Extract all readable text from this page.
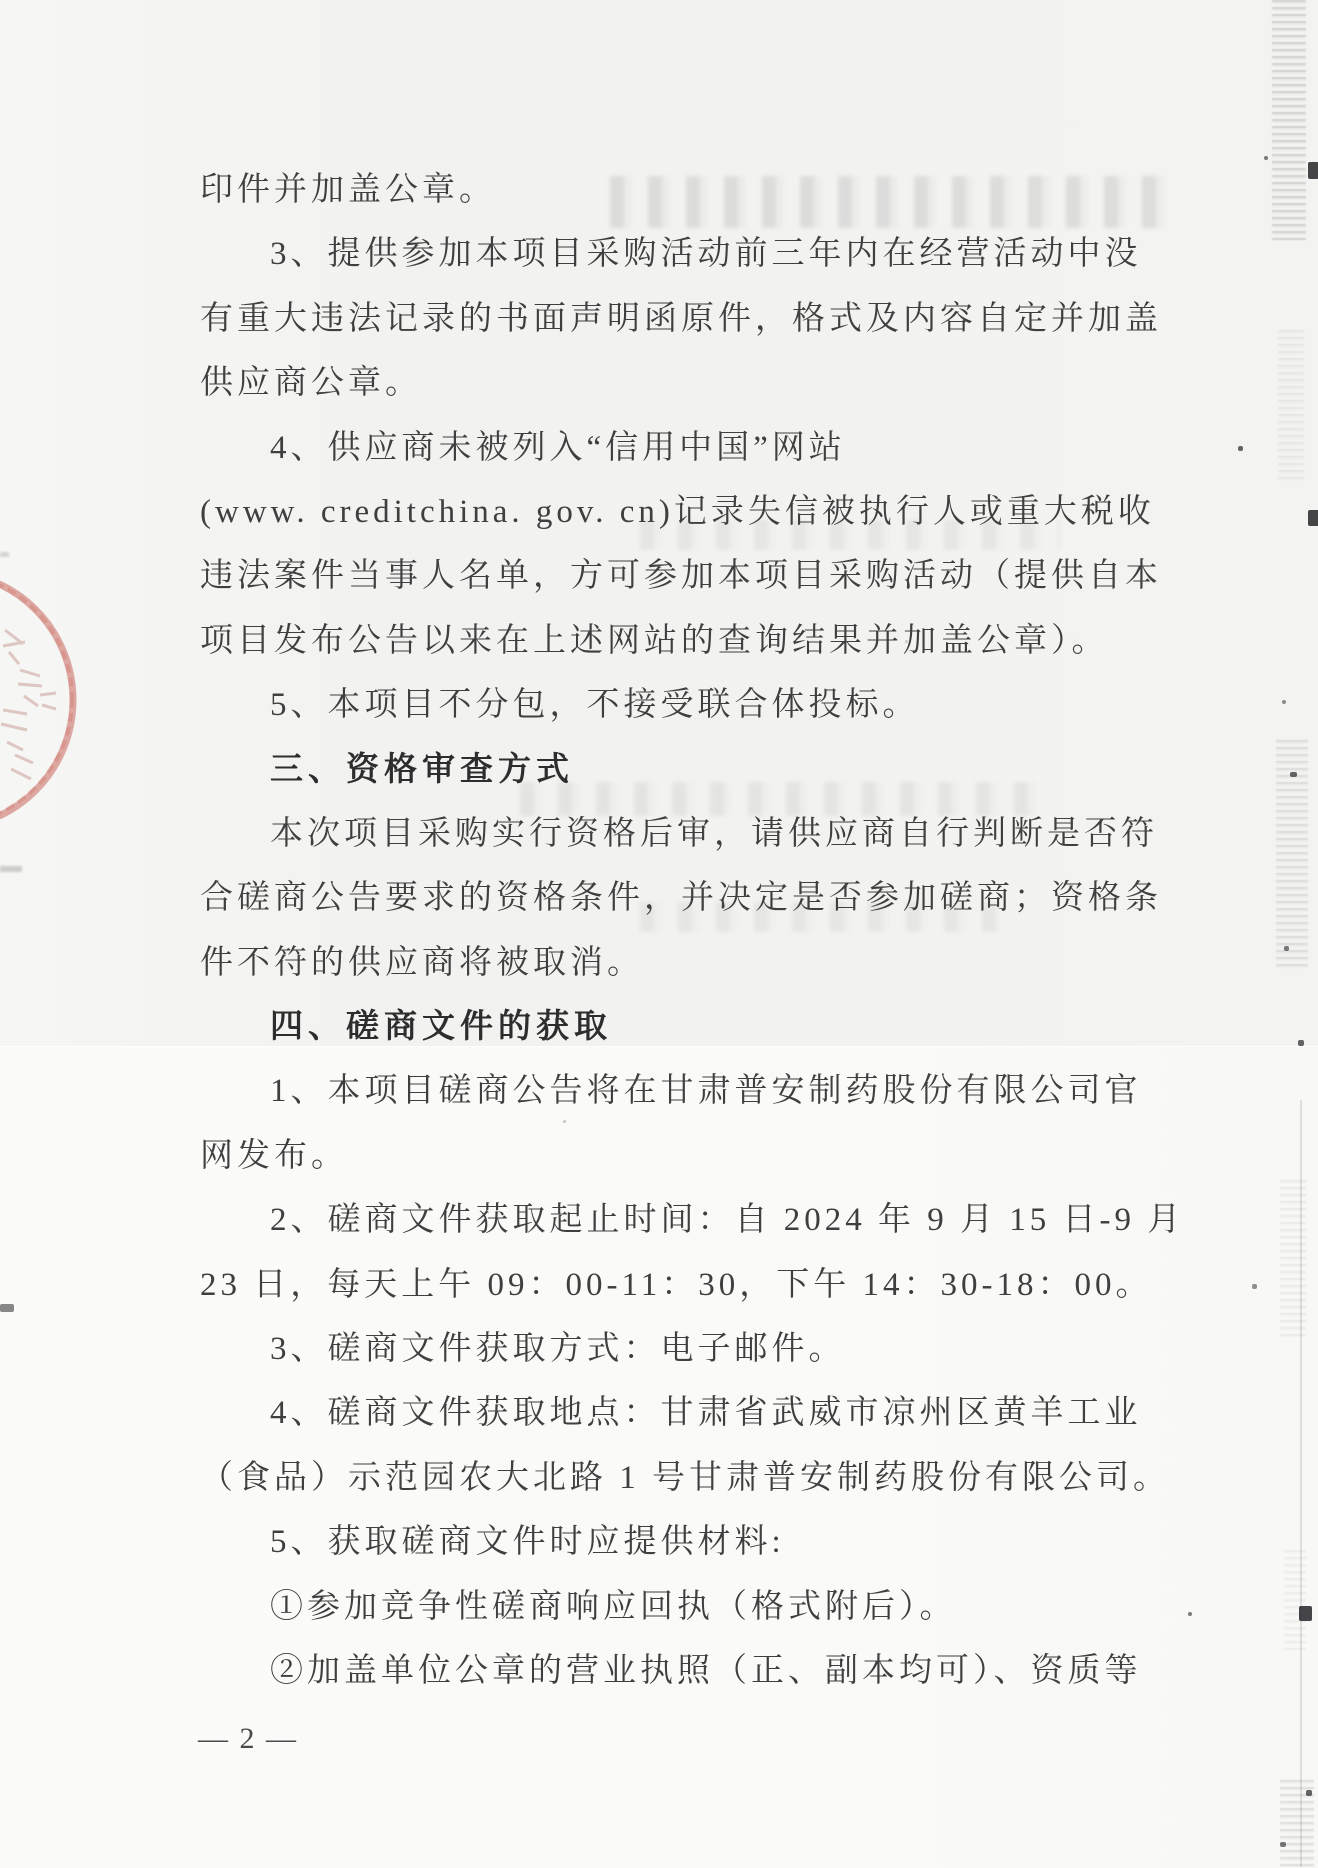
印件并加盖公章。
3、提供参加本项目采购活动前三年内在经营活动中没
有重大违法记录的书面声明函原件，格式及内容自定并加盖
供应商公章。
4、供应商未被列入“信用中国”网站
(www. creditchina. gov. cn)记录失信被执行人或重大税收
违法案件当事人名单，方可参加本项目采购活动（提供自本
项目发布公告以来在上述网站的查询结果并加盖公章）。
5、本项目不分包，不接受联合体投标。
三、资格审查方式
本次项目采购实行资格后审，请供应商自行判断是否符
合磋商公告要求的资格条件，并决定是否参加磋商；资格条
件不符的供应商将被取消。
四、磋商文件的获取
1、本项目磋商公告将在甘肃普安制药股份有限公司官
网发布。
2、磋商文件获取起止时间：自 2024 年 9 月 15 日-9 月
23 日，每天上午 09：00-11：30，下午 14：30-18：00。
3、磋商文件获取方式：电子邮件。
4、磋商文件获取地点：甘肃省武威市凉州区黄羊工业
（食品）示范园农大北路 1 号甘肃普安制药股份有限公司。
5、获取磋商文件时应提供材料:
①参加竞争性磋商响应回执（格式附后）。
②加盖单位公章的营业执照（正、副本均可）、资质等
— 2 —
